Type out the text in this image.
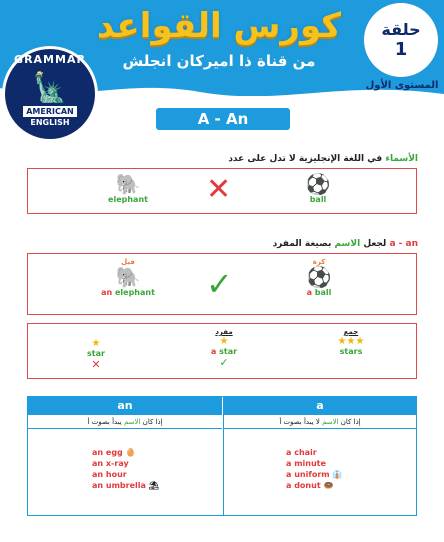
GRAMMAR
🗽
AMERICAN
ENGLISH
كورس القواعد
من قناة ذا اميركان انجلش
حلقة
1
المستوى الأول
A - An
الأسماء في اللغة الإنجليزية لا تدل على عدد
🐘
elephant	✕	⚽
ball
a - an لجعل الاسم بصيغة المفرد
فيل
🐘
an elephant	✓
كرة
⚽
a ball
★
star
✕
مفرد
★
a star
✓
جمع
★★★
stars
an	a
إذا كان الاسم يبدأ بصوت أ	إذا كان الاسم لا يبدأ بصوت أ
an egg 🥚
an x-ray
an hour
an umbrella ⛱
a chair
a minute
a uniform 👔
a donut 🍩
